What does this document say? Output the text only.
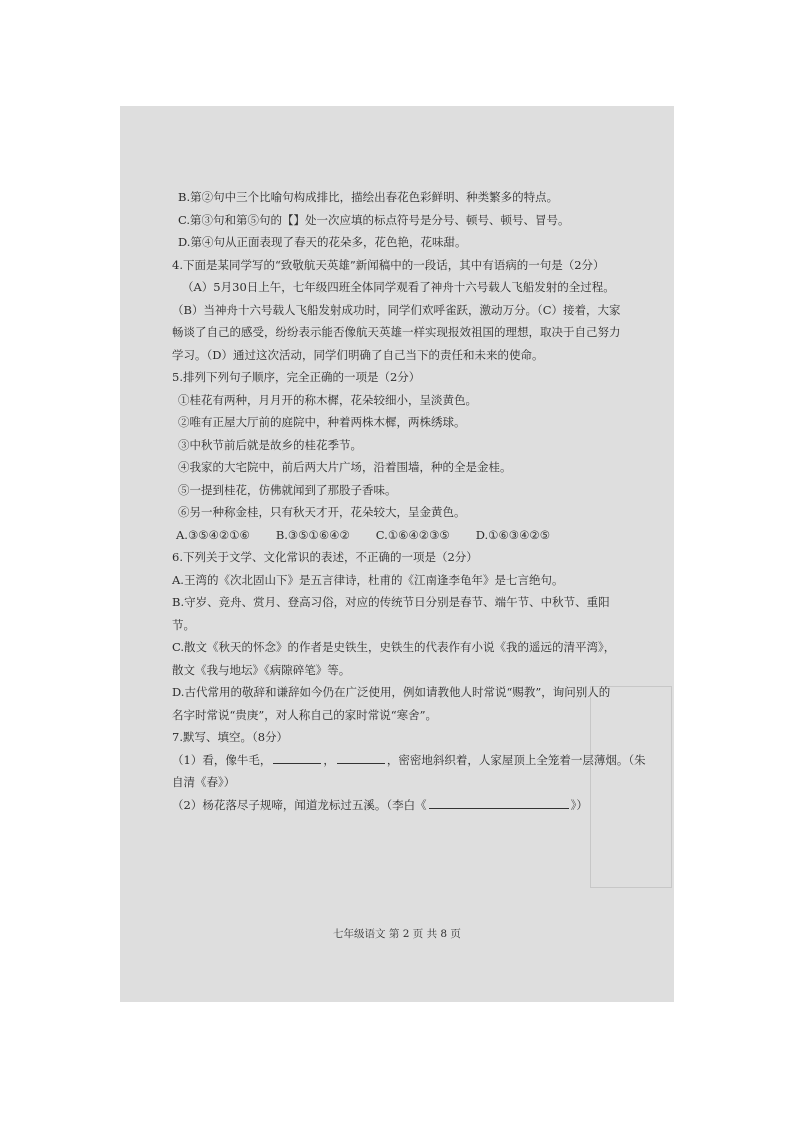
B.第②句中三个比喻句构成排比，描绘出春花色彩鲜明、种类繁多的特点。
C.第③句和第⑤句的【】处一次应填的标点符号是分号、顿号、顿号、冒号。
D.第④句从正面表现了春天的花朵多，花色艳，花味甜。
4.下面是某同学写的“致敬航天英雄”新闻稿中的一段话，其中有语病的一句是（2分）
（A）5月30日上午，七年级四班全体同学观看了神舟十六号载人飞船发射的全过程。
（B）当神舟十六号载人飞船发射成功时，同学们欢呼雀跃，激动万分。（C）接着，大家
畅谈了自己的感受，纷纷表示能否像航天英雄一样实现报效祖国的理想，取决于自己努力
学习。（D）通过这次活动，同学们明确了自己当下的责任和未来的使命。
5.排列下列句子顺序，完全正确的一项是（2分）
①桂花有两种，月月开的称木樨，花朵较细小，呈淡黄色。
②唯有正屋大厅前的庭院中，种着两株木樨，两株绣球。
③中秋节前后就是故乡的桂花季节。
④我家的大宅院中，前后两大片广场，沿着围墙，种的全是金桂。
⑤一提到桂花，仿佛就闻到了那股子香味。
⑥另一种称金桂，只有秋天才开，花朵较大，呈金黄色。
A.③⑤④②①⑥ B.③⑤①⑥④② C.①⑥④②③⑤ D.①⑥③④②⑤
6.下列关于文学、文化常识的表述，不正确的一项是（2分）
A.王湾的《次北固山下》是五言律诗，杜甫的《江南逢李龟年》是七言绝句。
B.守岁、竞舟、赏月、登高习俗，对应的传统节日分别是春节、端午节、中秋节、重阳
节。
C.散文《秋天的怀念》的作者是史铁生，史铁生的代表作有小说《我的遥远的清平湾》，
散文《我与地坛》《病隙碎笔》等。
D.古代常用的敬辞和谦辞如今仍在广泛使用，例如请教他人时常说“赐教”，询问别人的
名字时常说“贵庚”，对人称自己的家时常说“寒舍”。
7.默写、填空。（8分）
（1）看，像牛毛，	，	，密密地斜织着，人家屋顶上全笼着一层薄烟。（朱
自清《春》）
（2）杨花落尽子规啼，闻道龙标过五溪。（李白《	》）
七年级语文 第 2 页 共 8 页
